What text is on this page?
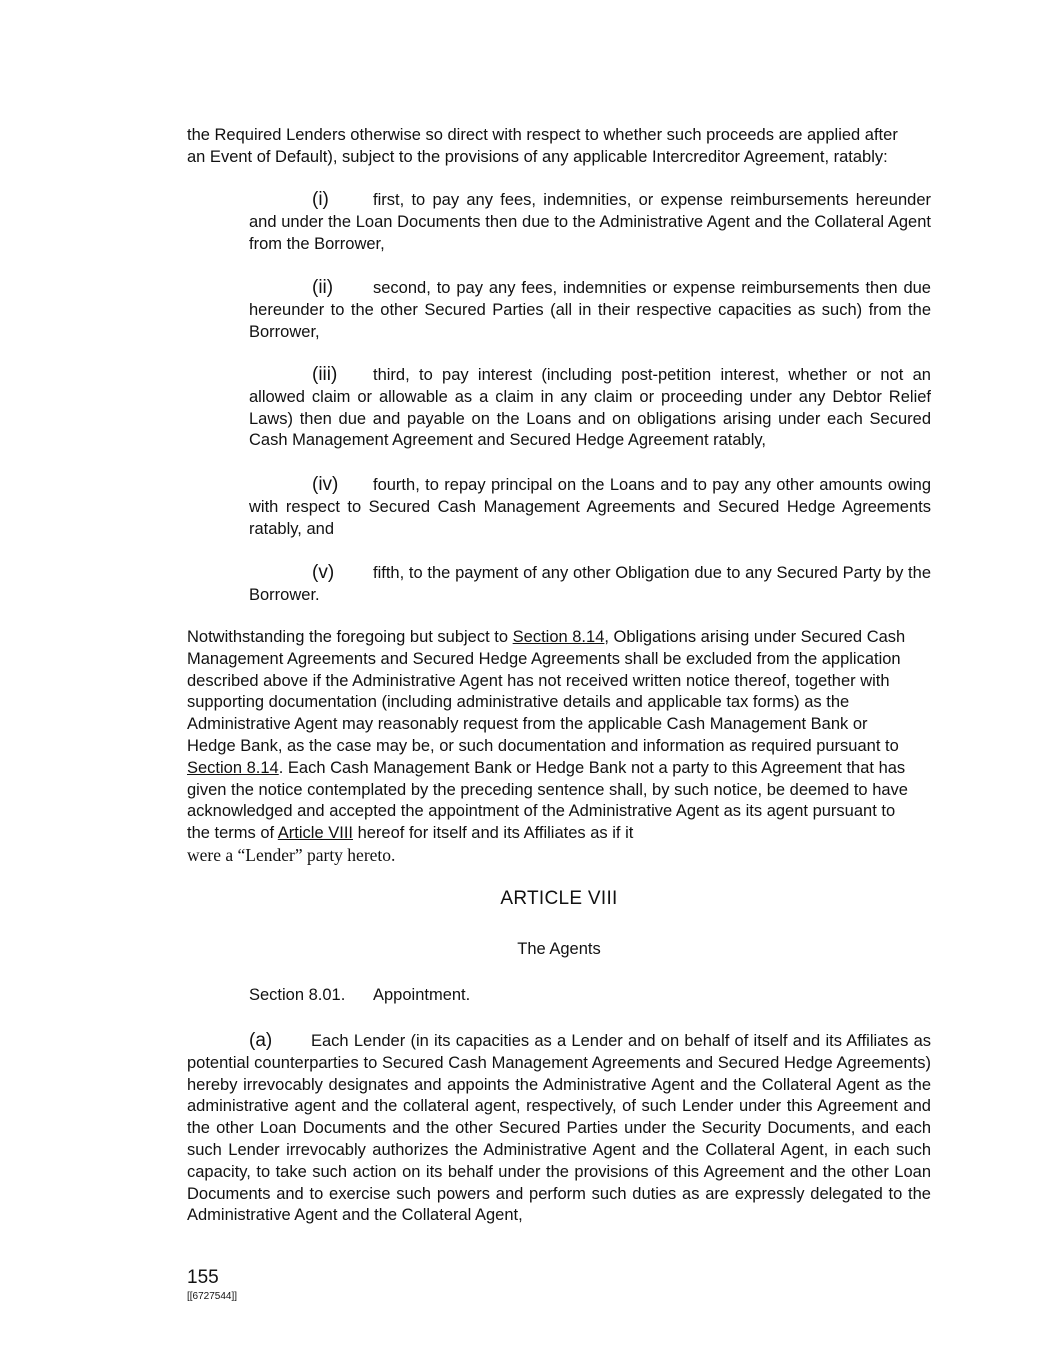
the Required Lenders otherwise so direct with respect to whether such proceeds are applied after
an Event of Default), subject to the provisions of any applicable Intercreditor Agreement, ratably:
(i)	first, to pay any fees, indemnities, or expense reimbursements hereunder and under the Loan Documents then due to the Administrative Agent and the Collateral Agent from the Borrower,
(ii) second, to pay any fees, indemnities or expense reimbursements then due hereunder to the other Secured Parties (all in their respective capacities as such) from the Borrower,
(iii) third, to pay interest (including post-petition interest, whether or not an allowed claim or allowable as a claim in any claim or proceeding under any Debtor Relief Laws) then due and payable on the Loans and on obligations arising under each Secured Cash Management Agreement and Secured Hedge Agreement ratably,
(iv) fourth, to repay principal on the Loans and to pay any other amounts owing with respect to Secured Cash Management Agreements and Secured Hedge Agreements ratably, and
(v) fifth, to the payment of any other Obligation due to any Secured Party by the Borrower.
Notwithstanding the foregoing but subject to Section 8.14, Obligations arising under Secured Cash Management Agreements and Secured Hedge Agreements shall be excluded from the application described above if the Administrative Agent has not received written notice thereof, together with supporting documentation (including administrative details and applicable tax forms) as the Administrative Agent may reasonably request from the applicable Cash Management Bank or Hedge Bank, as the case may be, or such documentation and information as required pursuant to Section 8.14. Each Cash Management Bank or Hedge Bank not a party to this Agreement that has given the notice contemplated by the preceding sentence shall, by such notice, be deemed to have acknowledged and accepted the appointment of the Administrative Agent as its agent pursuant to the terms of Article VIII hereof for itself and its Affiliates as if it
were a “Lender” party hereto.
ARTICLE VIII
The Agents
Section 8.01. Appointment.
(a) Each Lender (in its capacities as a Lender and on behalf of itself and its Affiliates as potential counterparties to Secured Cash Management Agreements and Secured Hedge Agreements) hereby irrevocably designates and appoints the Administrative Agent and the Collateral Agent as the administrative agent and the collateral agent, respectively, of such Lender under this Agreement and the other Loan Documents and the other Secured Parties under the Security Documents, and each such Lender irrevocably authorizes the Administrative Agent and the Collateral Agent, in each such capacity, to take such action on its behalf under the provisions of this Agreement and the other Loan Documents and to exercise such powers and perform such duties as are expressly delegated to the Administrative Agent and the Collateral Agent,
155
[[6727544]]
